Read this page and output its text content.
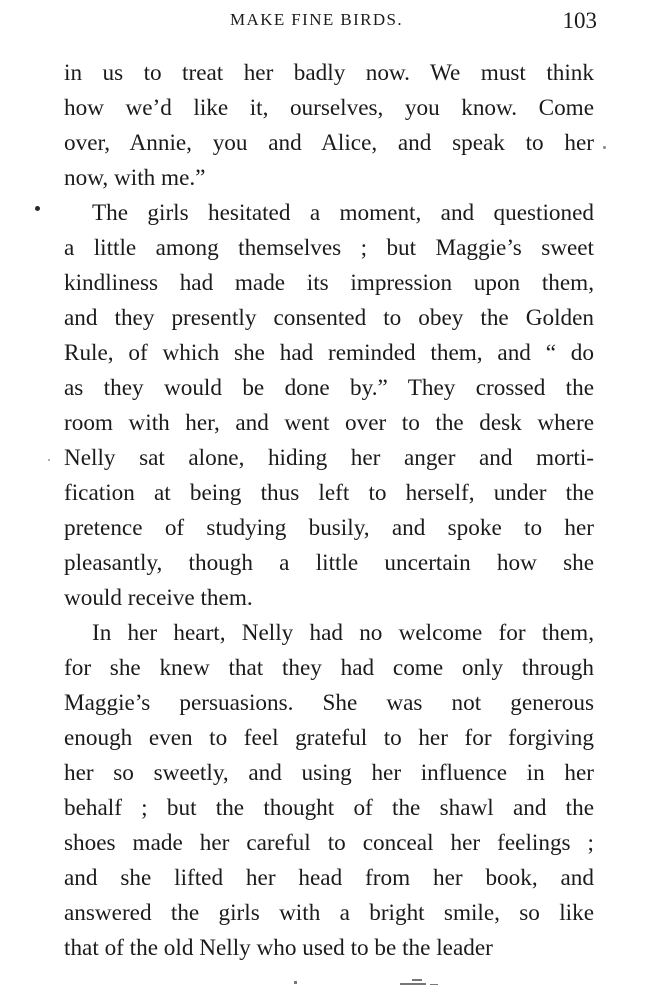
MAKE FINE BIRDS.	103
in us to treat her badly now. We must think
how we’d like it, ourselves, you know. Come
over, Annie, you and Alice, and speak to her
now, with me.”
The girls hesitated a moment, and questioned
a little among themselves ; but Maggie’s sweet
kindliness had made its impression upon them,
and they presently consented to obey the Golden
Rule, of which she had reminded them, and “ do
as they would be done by.” They crossed the
room with her, and went over to the desk where
Nelly sat alone, hiding her anger and morti-
fication at being thus left to herself, under the
pretence of studying busily, and spoke to her
pleasantly, though a little uncertain how she
would receive them.
In her heart, Nelly had no welcome for them,
for she knew that they had come only through
Maggie’s persuasions. She was not generous
enough even to feel grateful to her for forgiving
her so sweetly, and using her influence in her
behalf ; but the thought of the shawl and the
shoes made her careful to conceal her feelings ;
and she lifted her head from her book, and
answered the girls with a bright smile, so like
that of the old Nelly who used to be the leader
